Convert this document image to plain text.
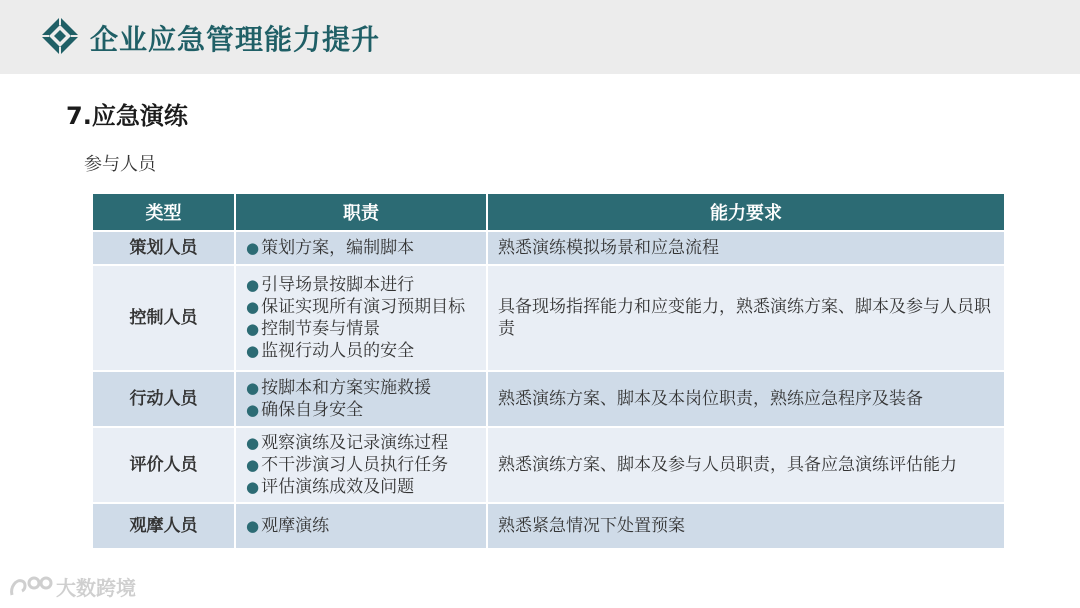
企业应急管理能力提升
7.应急演练
参与人员
类型	职责	能力要求
策划人员	● 策划方案，编制脚本	熟悉演练模拟场景和应急流程
控制人员	● 引导场景按脚本进行
● 保证实现所有演习预期目标
● 控制节奏与情景
● 监视行动人员的安全	具备现场指挥能力和应变能力，熟悉演练方案、脚本及参与人员职责
行动人员	● 按脚本和方案实施救援
● 确保自身安全	熟悉演练方案、脚本及本岗位职责，熟练应急程序及装备
评价人员	● 观察演练及记录演练过程
● 不干涉演习人员执行任务
● 评估演练成效及问题	熟悉演练方案、脚本及参与人员职责，具备应急演练评估能力
观摩人员	● 观摩演练	熟悉紧急情况下处置预案
大数跨境
